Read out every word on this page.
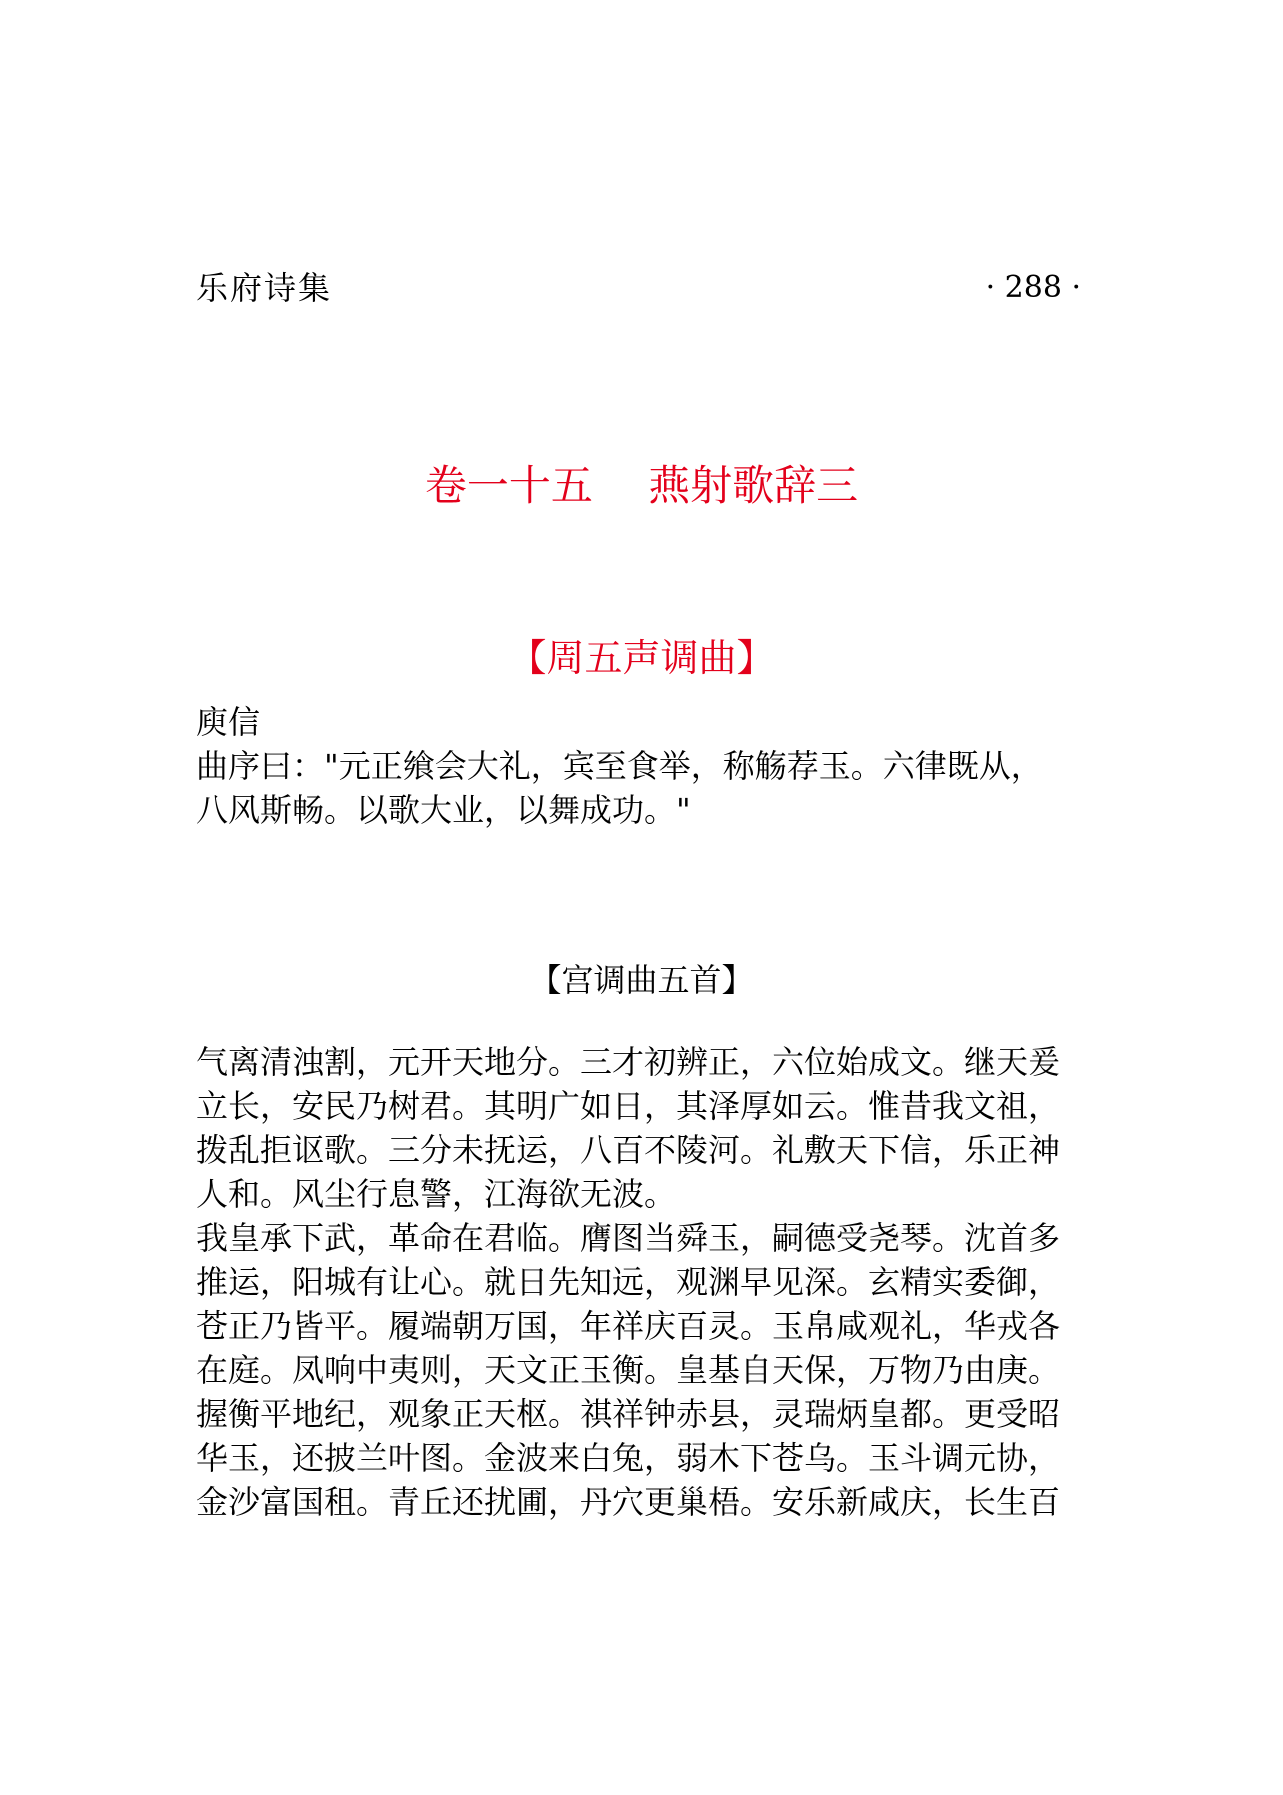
乐府诗集	· 288 ·
卷一十五　 燕射歌辞三
【周五声调曲】
庾信
曲序曰："元正飨会大礼，宾至食举，称觞荐玉。六律既从，
八风斯畅。以歌大业，以舞成功。"
【宫调曲五首】
气离清浊割，元开天地分。三才初辨正，六位始成文。继天爰
立长，安民乃树君。其明广如日，其泽厚如云。惟昔我文祖，
拨乱拒讴歌。三分未抚运，八百不陵河。礼敷天下信，乐正神
人和。风尘行息警，江海欲无波。
我皇承下武，革命在君临。膺图当舜玉，嗣德受尧琴。沈首多
推运，阳城有让心。就日先知远，观渊早见深。玄精实委御，
苍正乃皆平。履端朝万国，年祥庆百灵。玉帛咸观礼，华戎各
在庭。凤响中夷则，天文正玉衡。皇基自天保，万物乃由庚。
握衡平地纪，观象正天枢。祺祥钟赤县，灵瑞炳皇都。更受昭
华玉，还披兰叶图。金波来白兔，弱木下苍乌。玉斗调元协，
金沙富国租。青丘还扰圃，丹穴更巢梧。安乐新咸庆，长生百
